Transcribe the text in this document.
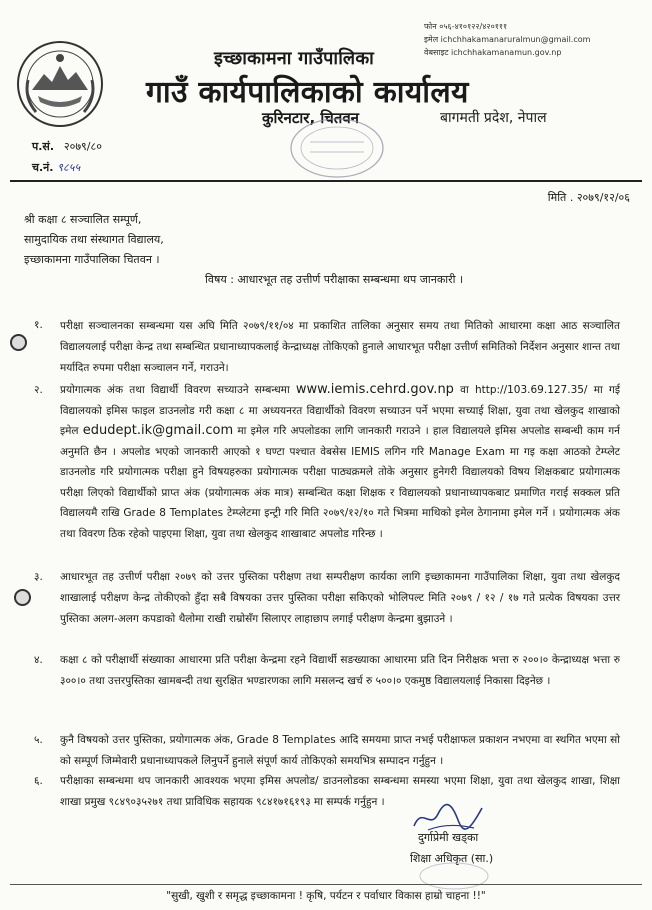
फोन ०५६-४१०१२२/४२०१११
इमेल ichchhakamanaruralmun@gmail.com
वेबसाइट ichchhakamanamun.gov.np
इच्छाकामना गाउँपालिका
गाउँ कार्यपालिकाको कार्यालय
कुरिनटार, चितवन	बागमती प्रदेश, नेपाल
प.सं. २०७९/८०
च.नं. ९८५५
मिति . २०७९/१२/०६
श्री कक्षा ८ सञ्चालित सम्पूर्ण,
सामुदायिक तथा संस्थागत विद्यालय,
इच्छाकामना गाउँपालिका चितवन ।
विषय : आधारभूत तह उत्तीर्ण परीक्षाका सम्बन्धमा थप जानकारी ।
१. परीक्षा सञ्चालनका सम्बन्धमा यस अघि मिति २०७९/११/०४ मा प्रकाशित तालिका अनुसार समय तथा मितिको आधारमा कक्षा आठ सञ्चालित विद्यालयलाई परीक्षा केन्द्र तथा सम्बन्धित प्रधानाध्यापकलाई केन्द्राध्यक्ष तोकिएको हुनाले आधारभूत परीक्षा उत्तीर्ण समितिको निर्देशन अनुसार शान्त तथा मर्यादित रुपमा परीक्षा सञ्चालन गर्ने, गराउने।
२. प्रयोगात्मक अंक तथा विद्यार्थी विवरण सच्याउने सम्बन्धमा www.iemis.cehrd.gov.np वा http://103.69.127.35/ मा गई विद्यालयको इमिस फाइल डाउनलोड गरी कक्षा ८ मा अध्ययनरत विद्यार्थीको विवरण सच्याउन पर्ने भएमा सच्याई शिक्षा, युवा तथा खेलकुद शाखाको इमेल edudept.ik@gmail.com मा इमेल गरि अपलोडका लागि जानकारी गराउने । हाल विद्यालयले इमिस अपलोड सम्बन्धी काम गर्न अनुमति छैन । अपलोड भएको जानकारी आएको १ घण्टा पश्चात वेबसेस IEMIS लगिन गरि Manage Exam मा गइ कक्षा आठको टेम्प्लेट डाउनलोड गरि प्रयोगात्मक परीक्षा हुने विषयहरुका प्रयोगात्मक परीक्षा पाठ्यक्रमले तोके अनुसार हुनेगरी विद्यालयको विषय शिक्षकबाट प्रयोगात्मक परीक्षा लिएको विद्यार्थीको प्राप्त अंक (प्रयोगात्मक अंक मात्र) सम्बन्धित कक्षा शिक्षक र विद्यालयको प्रधानाध्यापकबाट प्रमाणित गराई सक्कल प्रति विद्यालयमै राखि Grade 8 Templates टेम्प्लेटमा इन्ट्री गरि मिति २०७९/१२/१० गते भित्रमा माथिको इमेल ठेगानामा इमेल गर्ने । प्रयोगात्मक अंक तथा विवरण ठिक रहेको पाइएमा शिक्षा, युवा तथा खेलकुद शाखाबाट अपलोड गरिन्छ ।
३. आधारभूत तह उत्तीर्ण परीक्षा २०७९ को उत्तर पुस्तिका परीक्षण तथा सम्परीक्षण कार्यका लागि इच्छाकामना गाउँपालिका शिक्षा, युवा तथा खेलकुद शाखालाई परीक्षण केन्द्र तोकीएको हुँदा सबै विषयका उत्तर पुस्तिका परीक्षा सकिएको भोलिपल्ट मिति २०७९ / १२ / १७ गते प्रत्येक विषयका उत्तर पुस्तिका अलग-अलग कपडाको थैलोमा राखी राम्रोसँग सिलाएर लाहाछाप लगाई परीक्षण केन्द्रमा बुझाउने ।
४. कक्षा ८ को परीक्षार्थी संख्याका आधारमा प्रति परीक्षा केन्द्रमा रहने विद्यार्थी सङख्याका आधारमा प्रति दिन निरीक्षक भत्ता रु २००।० केन्द्राध्यक्ष भत्ता रु ३००।० तथा उत्तरपुस्तिका खामबन्दी तथा सुरक्षित भण्डारणका लागि मसलन्द खर्च रु ५००।० एकमुष्ठ विद्यालयलाई निकासा दिइनेछ ।
५. कुनै विषयको उत्तर पुस्तिका, प्रयोगात्मक अंक, Grade 8 Templates आदि समयमा प्राप्त नभई परीक्षाफल प्रकाशन नभएमा वा स्थगित भएमा सो को सम्पूर्ण जिम्मेवारी प्रधानाध्यापकले लिनुपर्ने हुनाले संपूर्ण कार्य तोकिएको समयभित्र सम्पादन गर्नुहुन ।
६. परीक्षाका सम्बन्धमा थप जानकारी आवश्यक भएमा इमिस अपलोड/ डाउनलोडका सम्बन्धमा समस्या भएमा शिक्षा, युवा तथा खेलकुद शाखा, शिक्षा शाखा प्रमुख ९८४९०३५२७१ तथा प्राविधिक सहायक ९८४१७१६१९३ मा सम्पर्क गर्नुहुन ।
दुर्गाप्रेमी खड्का
शिक्षा अधिकृत (सा.)
"सुखी, खुशी र समृद्ध इच्छाकामना ! कृषि, पर्यटन र पर्वाधार विकास हाम्रो चाहना !!"
